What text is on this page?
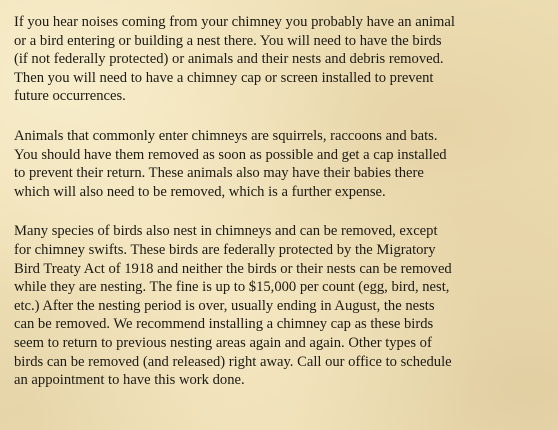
If you hear noises coming from your chimney you probably have an animal
or a bird entering or building a nest there. You will need to have the birds
(if not federally protected) or animals and their nests and debris removed.
Then you will need to have a chimney cap or screen installed to prevent
future occurrences.

Animals that commonly enter chimneys are squirrels, raccoons and bats.
You should have them removed as soon as possible and get a cap installed
to prevent their return. These animals also may have their babies there
which will also need to be removed, which is a further expense.

Many species of birds also nest in chimneys and can be removed, except
for chimney swifts. These birds are federally protected by the Migratory
Bird Treaty Act of 1918 and neither the birds or their nests can be removed
while they are nesting. The fine is up to $15,000 per count (egg, bird, nest,
etc.) After the nesting period is over, usually ending in August, the nests
can be removed. We recommend installing a chimney cap as these birds
seem to return to previous nesting areas again and again. Other types of
birds can be removed (and released) right away. Call our office to schedule
an appointment to have this work done.
